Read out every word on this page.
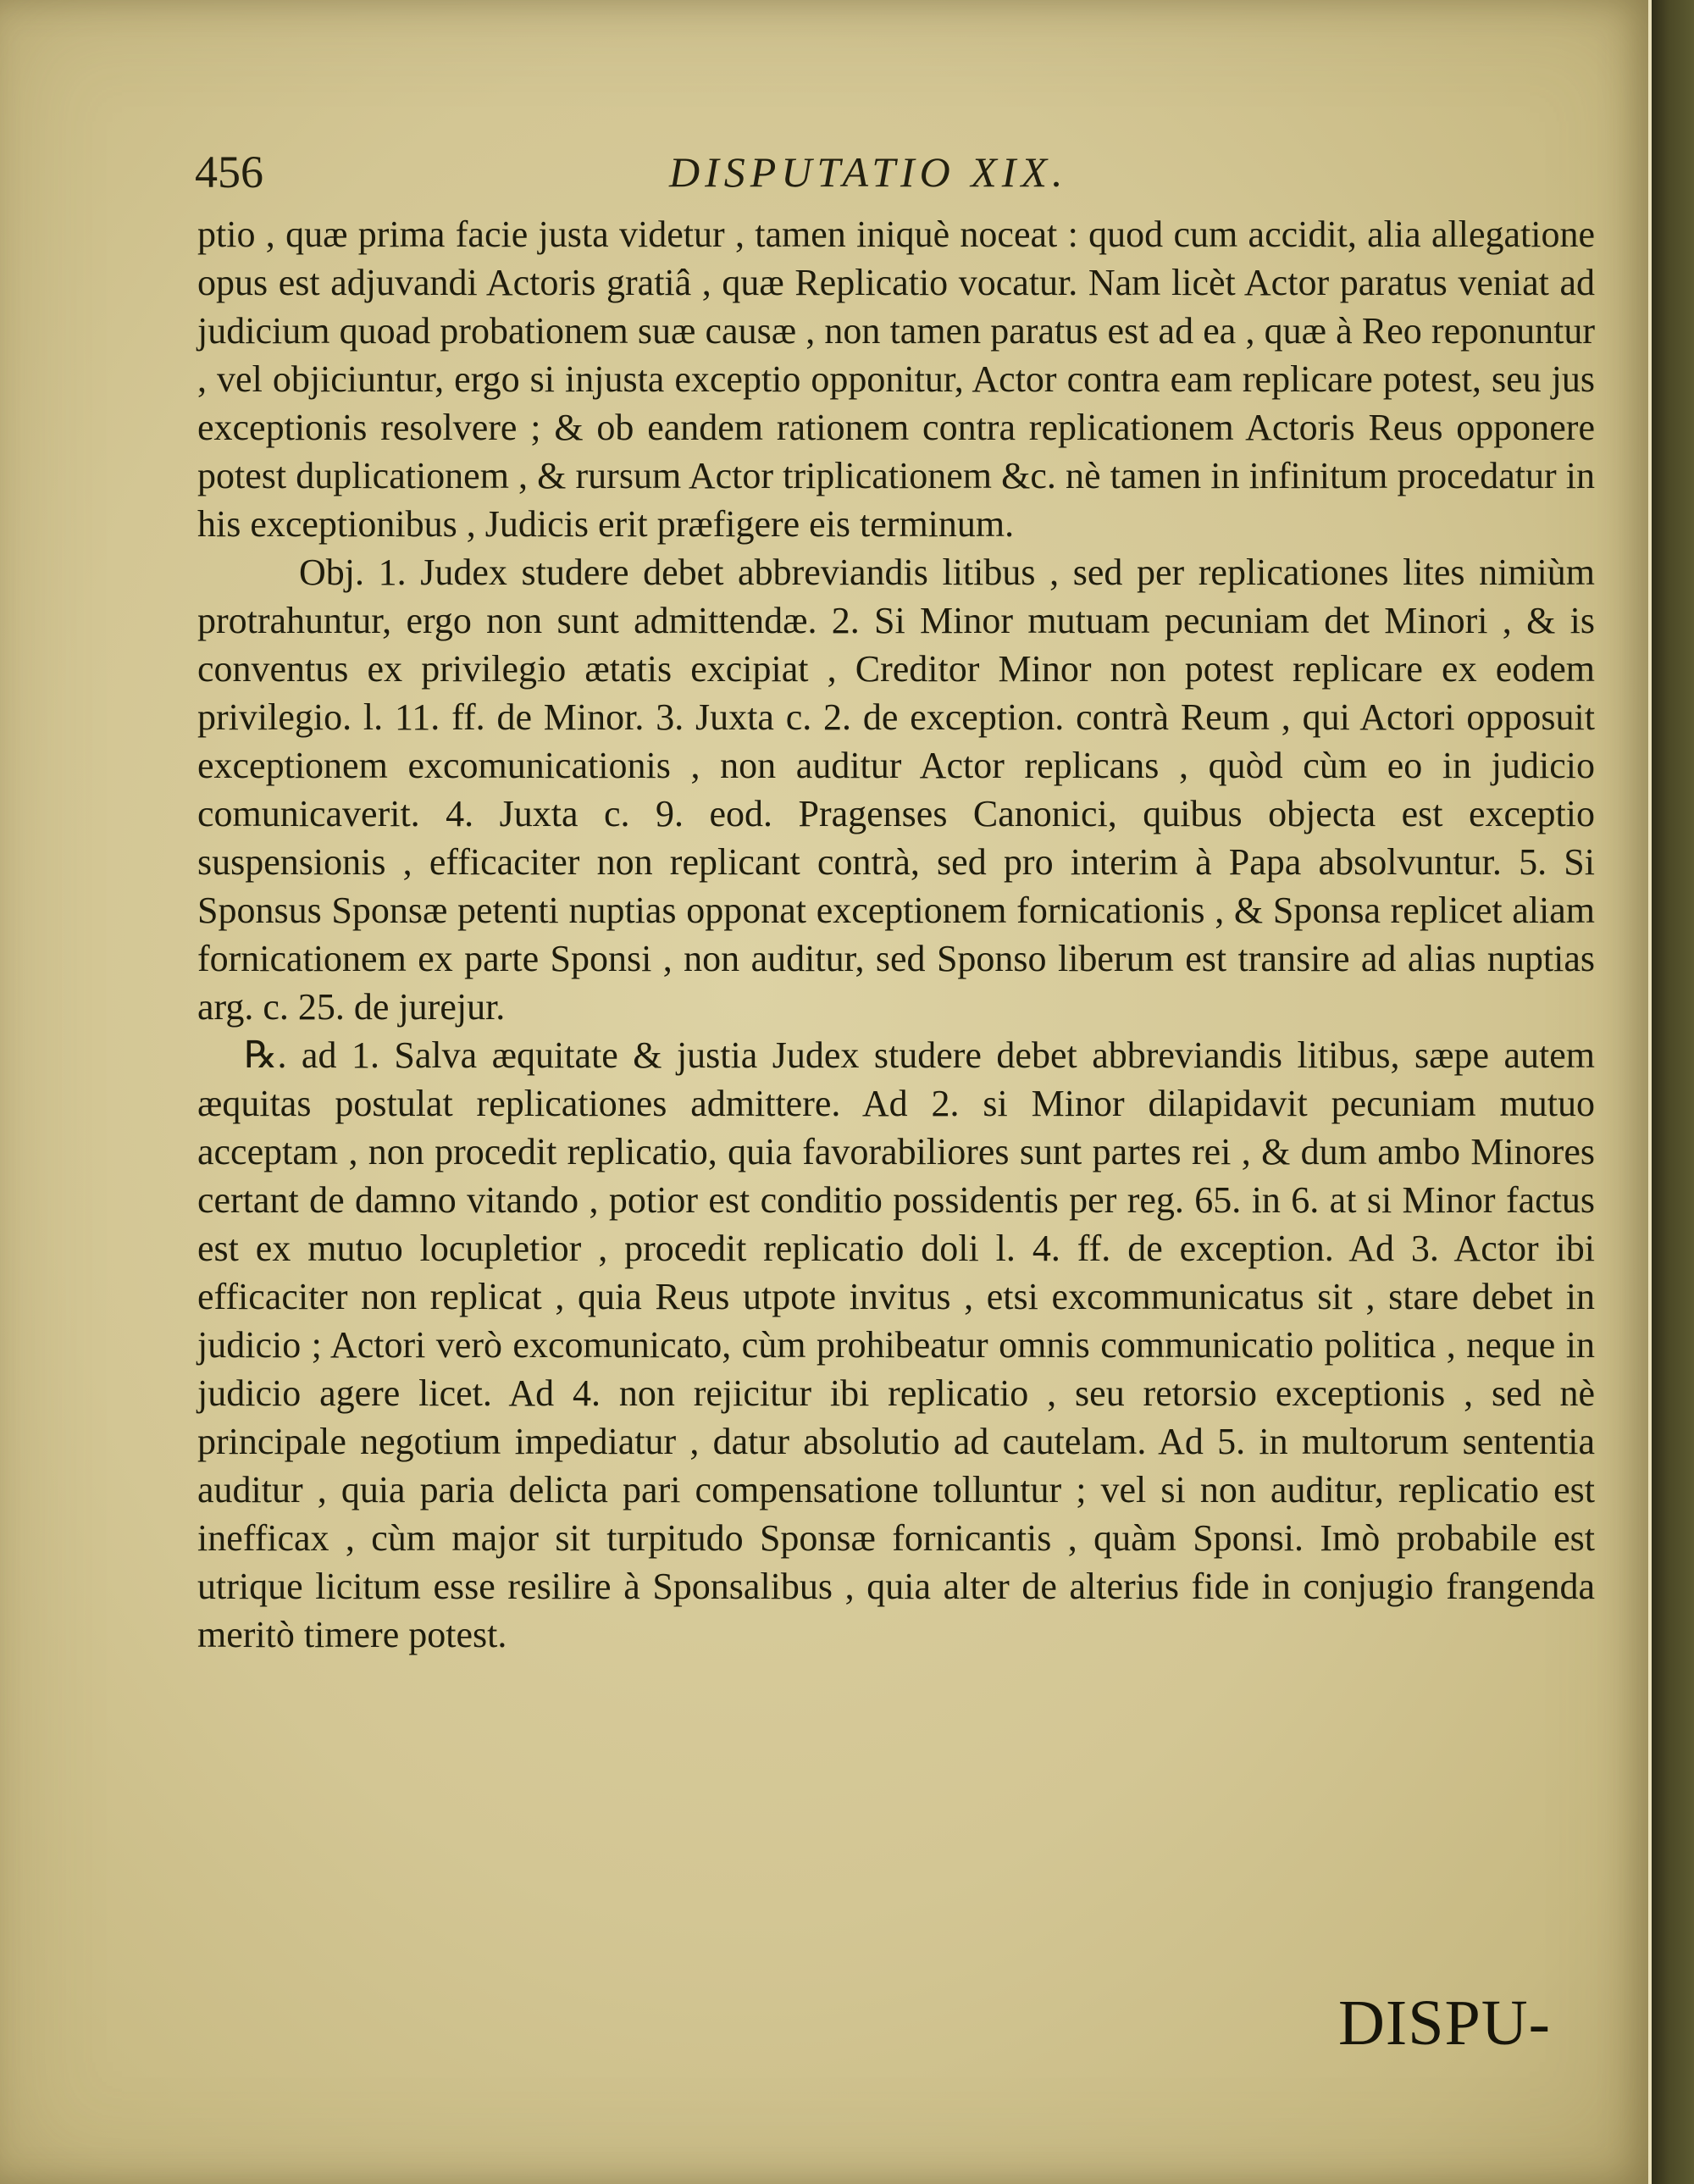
456	DISPUTATIO XIX.

ptio , quæ prima facie justa videtur , tamen iniquè noceat : quod cum accidit, alia allegatione opus est adjuvandi Actoris gratiâ , quæ Replicatio vocatur. Nam licèt Actor paratus veniat ad judicium quoad probationem suæ causæ , non tamen paratus est ad ea , quæ à Reo reponuntur , vel objiciuntur, ergo si injusta exceptio opponitur, Actor contra eam replicare potest, seu jus exceptionis resolvere ; & ob eandem rationem contra replicationem Actoris Reus opponere potest duplicationem , & rursum Actor triplicationem &c. nè tamen in infinitum procedatur in his exceptionibus , Judicis erit præfigere eis terminum.

Obj. 1. Judex studere debet abbreviandis litibus , sed per replicationes lites nimiùm protrahuntur, ergo non sunt admittendæ. 2. Si Minor mutuam pecuniam det Minori , & is conventus ex privilegio ætatis excipiat , Creditor Minor non potest replicare ex eodem privilegio. l. 11. ff. de Minor. 3. Juxta c. 2. de exception. contrà Reum , qui Actori opposuit exceptionem excomunicationis , non auditur Actor replicans , quòd cùm eo in judicio comunicaverit. 4. Juxta c. 9. eod. Pragenses Canonici, quibus objecta est exceptio suspensionis , efficaciter non replicant contrà, sed pro interim à Papa absolvuntur. 5. Si Sponsus Sponsæ petenti nuptias opponat exceptionem fornicationis , & Sponsa replicet aliam fornicationem ex parte Sponsi , non auditur, sed Sponso liberum est transire ad alias nuptias arg. c. 25. de jurejur.

℞. ad 1. Salva æquitate & justia Judex studere debet abbreviandis litibus, sæpe autem æquitas postulat replicationes admittere. Ad 2. si Minor dilapidavit pecuniam mutuo acceptam , non procedit replicatio, quia favorabiliores sunt partes rei , & dum ambo Minores certant de damno vitando , potior est conditio possidentis per reg. 65. in 6. at si Minor factus est ex mutuo locupletior , procedit replicatio doli l. 4. ff. de exception. Ad 3. Actor ibi efficaciter non replicat , quia Reus utpote invitus , etsi excommunicatus sit , stare debet in judicio ; Actori verò excomunicato, cùm prohibeatur omnis communicatio politica , neque in judicio agere licet. Ad 4. non rejicitur ibi replicatio , seu retorsio exceptionis , sed nè principale negotium impediatur , datur absolutio ad cautelam. Ad 5. in multorum sententia auditur , quia paria delicta pari compensatione tolluntur ; vel si non auditur, replicatio est inefficax , cùm major sit turpitudo Sponsæ fornicantis , quàm Sponsi. Imò probabile est utrique licitum esse resilire à Sponsalibus , quia alter de alterius fide in conjugio frangenda meritò timere potest.

DISPU-
